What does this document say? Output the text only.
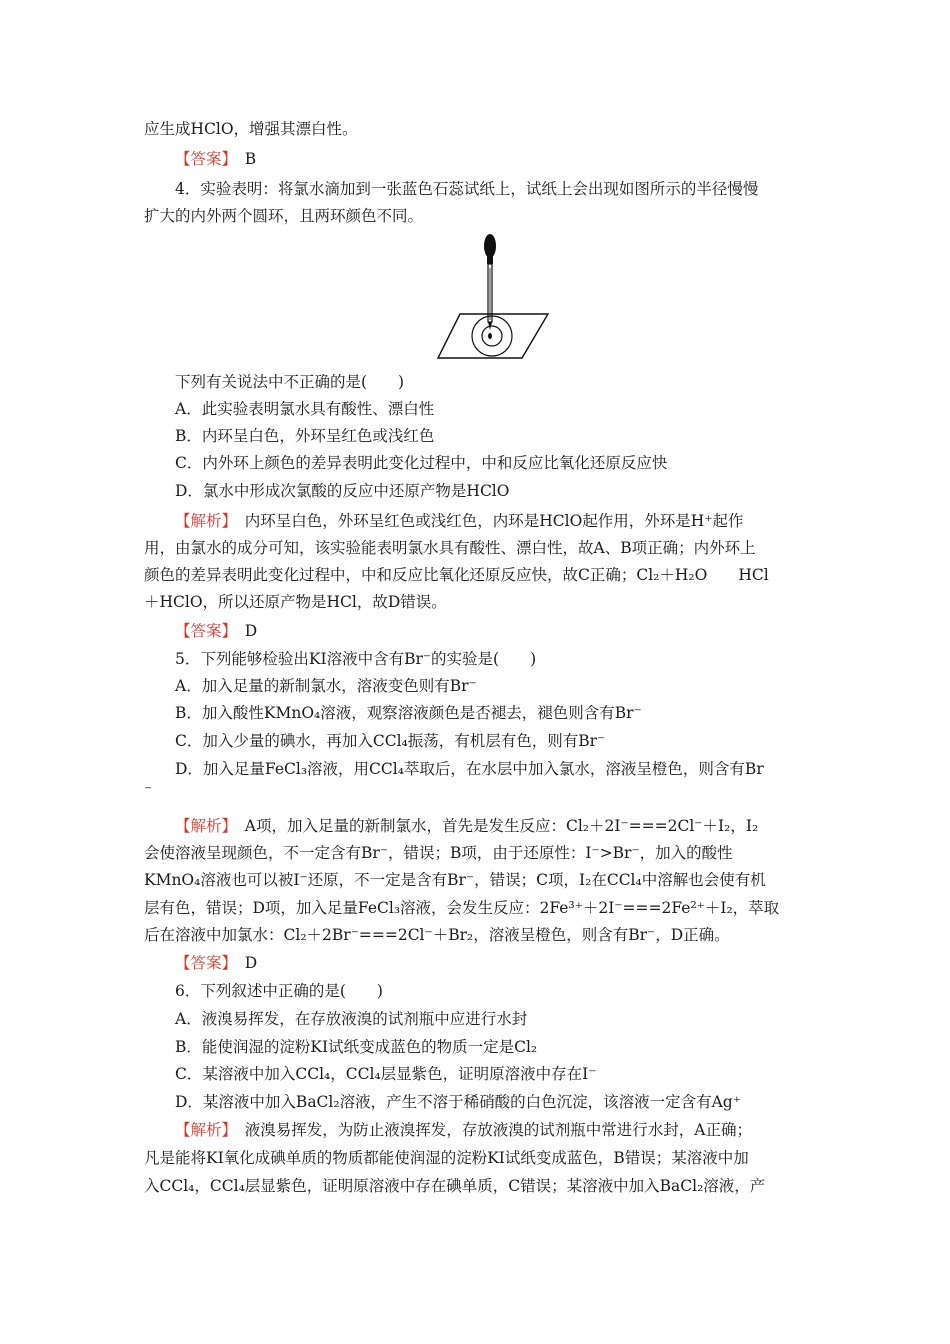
应生成HClO，增强其漂白性。
【答案】　B
4．实验表明：将氯水滴加到一张蓝色石蕊试纸上，试纸上会出现如图所示的半径慢慢
扩大的内外两个圆环，且两环颜色不同。
下列有关说法中不正确的是(　　)
A．此实验表明氯水具有酸性、漂白性
B．内环呈白色，外环呈红色或浅红色
C．内外环上颜色的差异表明此变化过程中，中和反应比氧化还原反应快
D．氯水中形成次氯酸的反应中还原产物是HClO
【解析】　内环呈白色，外环呈红色或浅红色，内环是HClO起作用，外环是H⁺起作
用，由氯水的成分可知，该实验能表明氯水具有酸性、漂白性，故A、B项正确；内外环上
颜色的差异表明此变化过程中，中和反应比氧化还原反应快，故C正确；Cl₂＋H₂O　　HCl
＋HClO，所以还原产物是HCl，故D错误。
【答案】　D
5．下列能够检验出KI溶液中含有Br⁻的实验是(　　)
A．加入足量的新制氯水，溶液变色则有Br⁻
B．加入酸性KMnO₄溶液，观察溶液颜色是否褪去，褪色则含有Br⁻
C．加入少量的碘水，再加入CCl₄振荡，有机层有色，则有Br⁻
D．加入足量FeCl₃溶液，用CCl₄萃取后，在水层中加入氯水，溶液呈橙色，则含有Br
⁻
【解析】　A项，加入足量的新制氯水，首先是发生反应：Cl₂＋2I⁻===2Cl⁻＋I₂，I₂
会使溶液呈现颜色，不一定含有Br⁻，错误；B项，由于还原性：I⁻>Br⁻，加入的酸性
KMnO₄溶液也可以被I⁻还原，不一定是含有Br⁻，错误；C项，I₂在CCl₄中溶解也会使有机
层有色，错误；D项，加入足量FeCl₃溶液，会发生反应：2Fe³⁺＋2I⁻===2Fe²⁺＋I₂，萃取
后在溶液中加氯水：Cl₂＋2Br⁻===2Cl⁻＋Br₂，溶液呈橙色，则含有Br⁻，D正确。
【答案】　D
6．下列叙述中正确的是(　　)
A．液溴易挥发，在存放液溴的试剂瓶中应进行水封
B．能使润湿的淀粉KI试纸变成蓝色的物质一定是Cl₂
C．某溶液中加入CCl₄，CCl₄层显紫色，证明原溶液中存在I⁻
D．某溶液中加入BaCl₂溶液，产生不溶于稀硝酸的白色沉淀，该溶液一定含有Ag⁺
【解析】　液溴易挥发，为防止液溴挥发，存放液溴的试剂瓶中常进行水封，A正确；
凡是能将KI氧化成碘单质的物质都能使润湿的淀粉KI试纸变成蓝色，B错误；某溶液中加
入CCl₄，CCl₄层显紫色，证明原溶液中存在碘单质，C错误；某溶液中加入BaCl₂溶液，产
